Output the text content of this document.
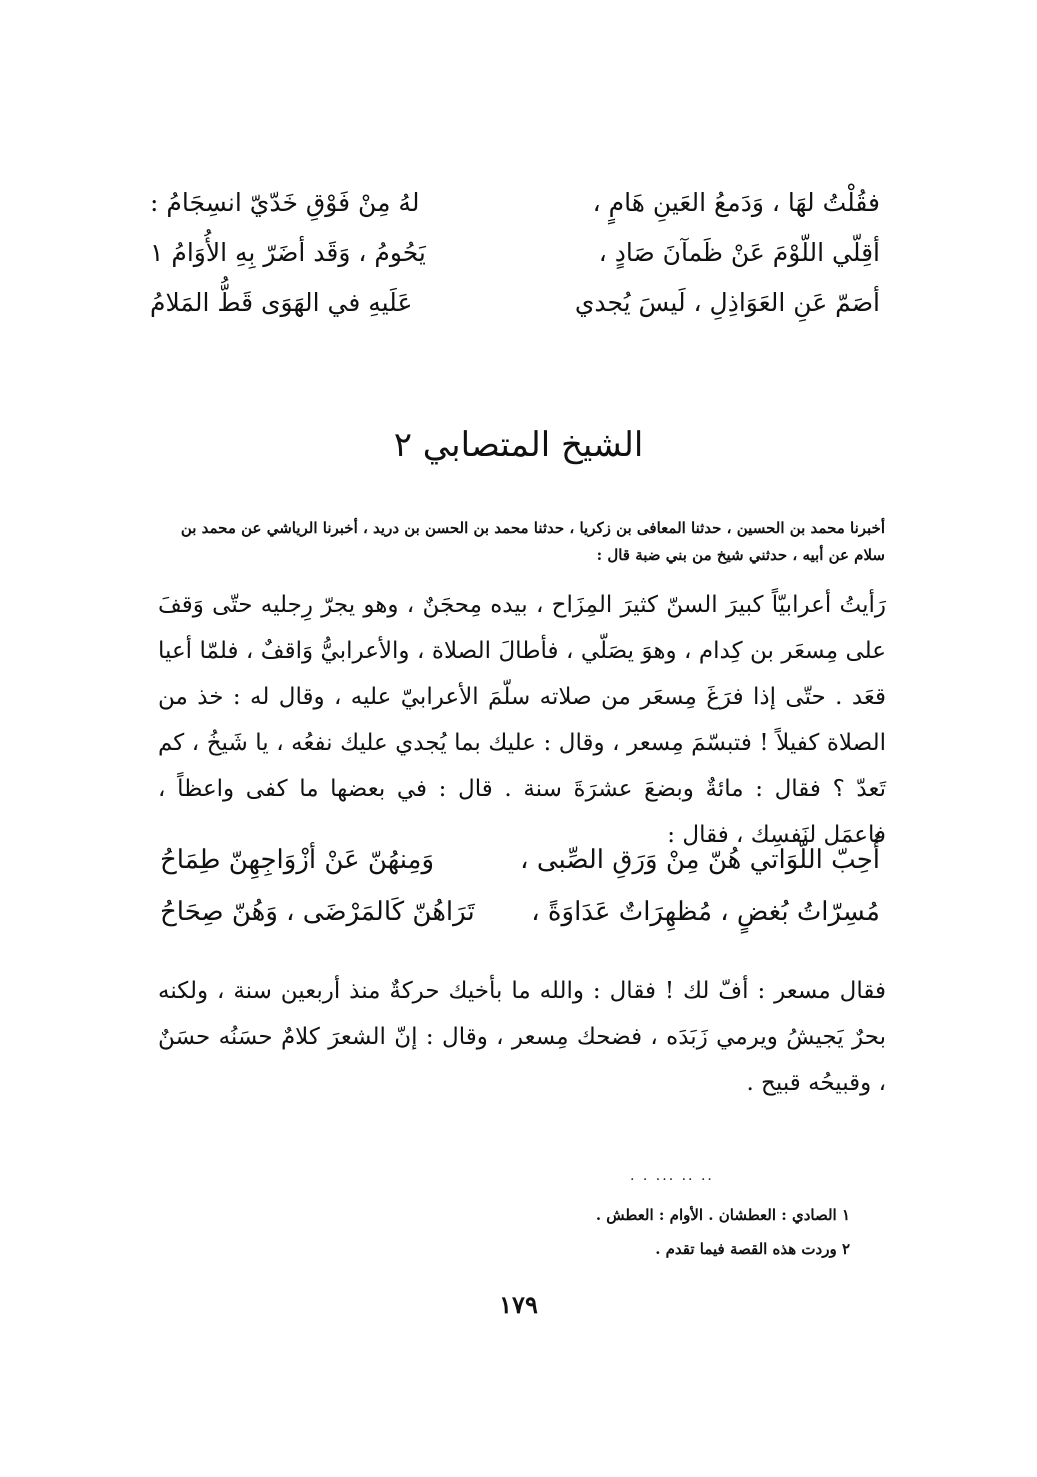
فقُلْتُ لهَا ، وَدَمعُ العَينِ هَامٍ ،
لهُ مِنْ فَوْقِ خَدّيّ انسِجَامُ :
أقِلّي اللّوْمَ عَنْ ظَمآنَ صَادٍ ،
يَحُومُ ، وَقَد أضَرّ بِهِ الأُوَامُ ١
أصَمّ عَنِ العَوَاذِلِ ، لَيسَ يُجدي
عَلَيهِ في الهَوَى قَطُّ المَلامُ
الشيخ المتصابي ٢
أخبرنا محمد بن الحسين ، حدثنا المعافى بن زكريا ، حدثنا محمد بن الحسن بن دريد ، أخبرنا الرياشي عن محمد بن سلام عن أبيه ، حدثني شيخ من بني ضبة قال :
رَأيتُ أعرابيّاً كبيرَ السنّ كثيرَ المِزَاح ، بيده مِحجَنٌ ، وهو يجرّ رِجليه حتّى وَقفَ على مِسعَر بن كِدام ، وهوَ يصَلّي ، فأطالَ الصلاة ، والأعرابيُّ وَاقفٌ ، فلمّا أعيا قعَد . حتّى إذا فرَغَ مِسعَر من صلاته سلّمَ الأعرابيّ عليه ، وقال له : خذ من الصلاة كفيلاً ! فتبسّمَ مِسعر ، وقال : عليك بما يُجدي عليك نفعُه ، يا شَيخُ ، كم تَعدّ ؟ فقال : مائةٌ وبضعَ عشرَةَ سنة . قال : في بعضها ما كفى واعظاً ، فاعمَل لنَفسِك ، فقال :
أُحِبّ اللّوَاتي هُنّ مِنْ وَرَقِ الصِّبى ،
وَمِنهُنّ عَنْ أزْوَاجِهِنّ طِمَاحُ
مُسِرّاتُ بُغضٍ ، مُظهِرَاتٌ عَدَاوَةً ،
تَرَاهُنّ كَالمَرْضَى ، وَهُنّ صِحَاحُ
فقال مسعر : أفّ لك ! فقال : والله ما بأخيك حركةٌ منذ أربعين سنة ، ولكنه بحرٌ يَجيشُ ويرمي زَبَدَه ، فضحك مِسعر ، وقال : إنّ الشعرَ كلامٌ حسَنُه حسَنٌ ، وقبيحُه قبيح .
. . ... .. ..
١ الصادي : العطشان . الأوام : العطش .
٢ وردت هذه القصة فيما تقدم .
١٧٩
